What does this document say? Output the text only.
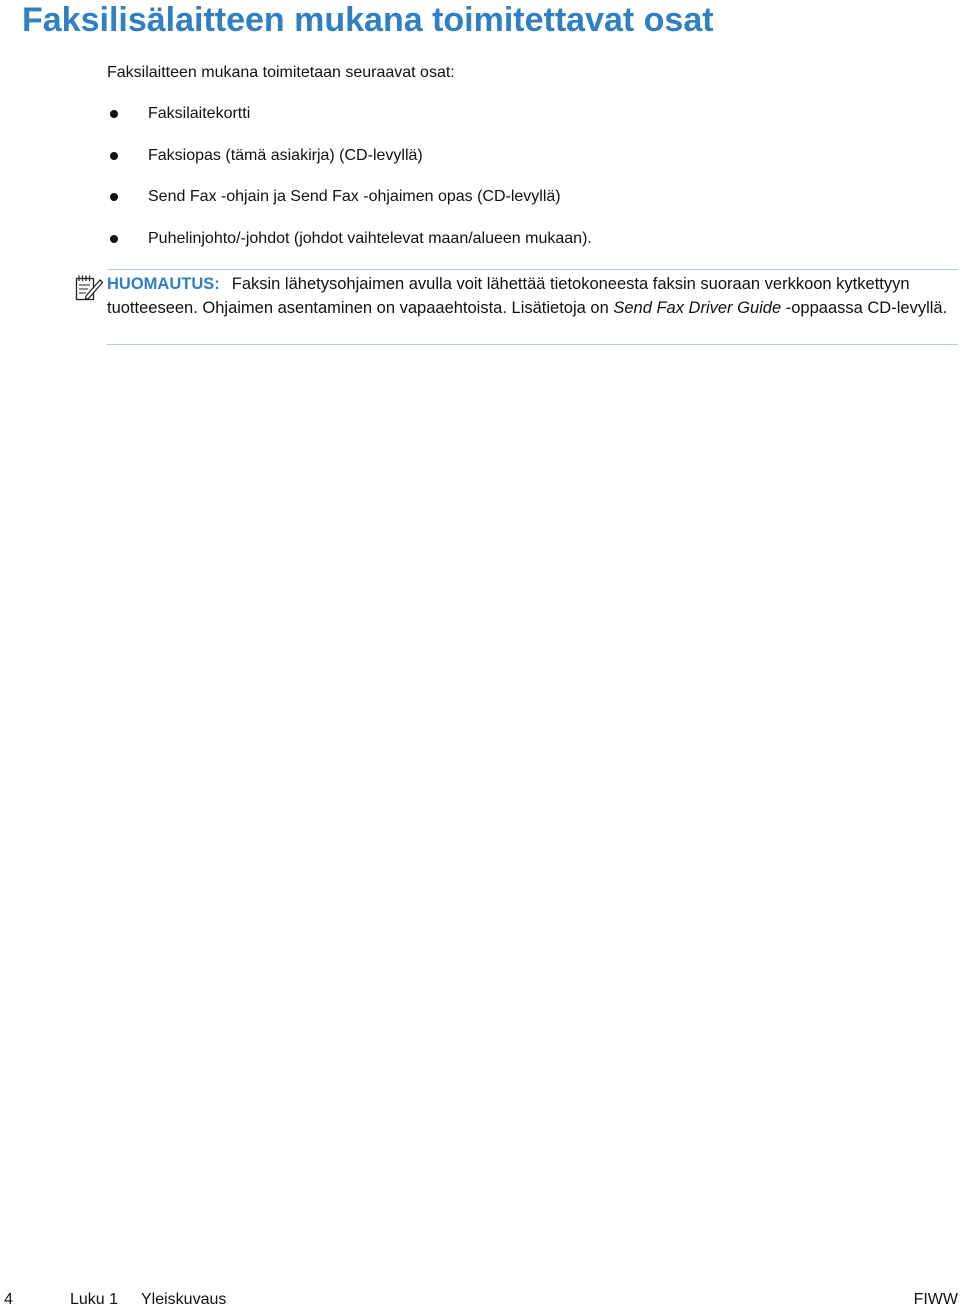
Faksilisälaitteen mukana toimitettavat osat

Faksilaitteen mukana toimitetaan seuraavat osat:

Faksilaitekortti
Faksiopas (tämä asiakirja) (CD-levyllä)
Send Fax -ohjain ja Send Fax -ohjaimen opas (CD-levyllä)
Puhelinjohto/-johdot (johdot vaihtelevat maan/alueen mukaan).

HUOMAUTUS: Faksin lähetysohjaimen avulla voit lähettää tietokoneesta faksin suoraan verkkoon kytkettyyn tuotteeseen. Ohjaimen asentaminen on vapaaehtoista. Lisätietoja on Send Fax Driver Guide -oppaassa CD-levyllä.

4	Luku 1 Yleiskuvaus	FIWW
